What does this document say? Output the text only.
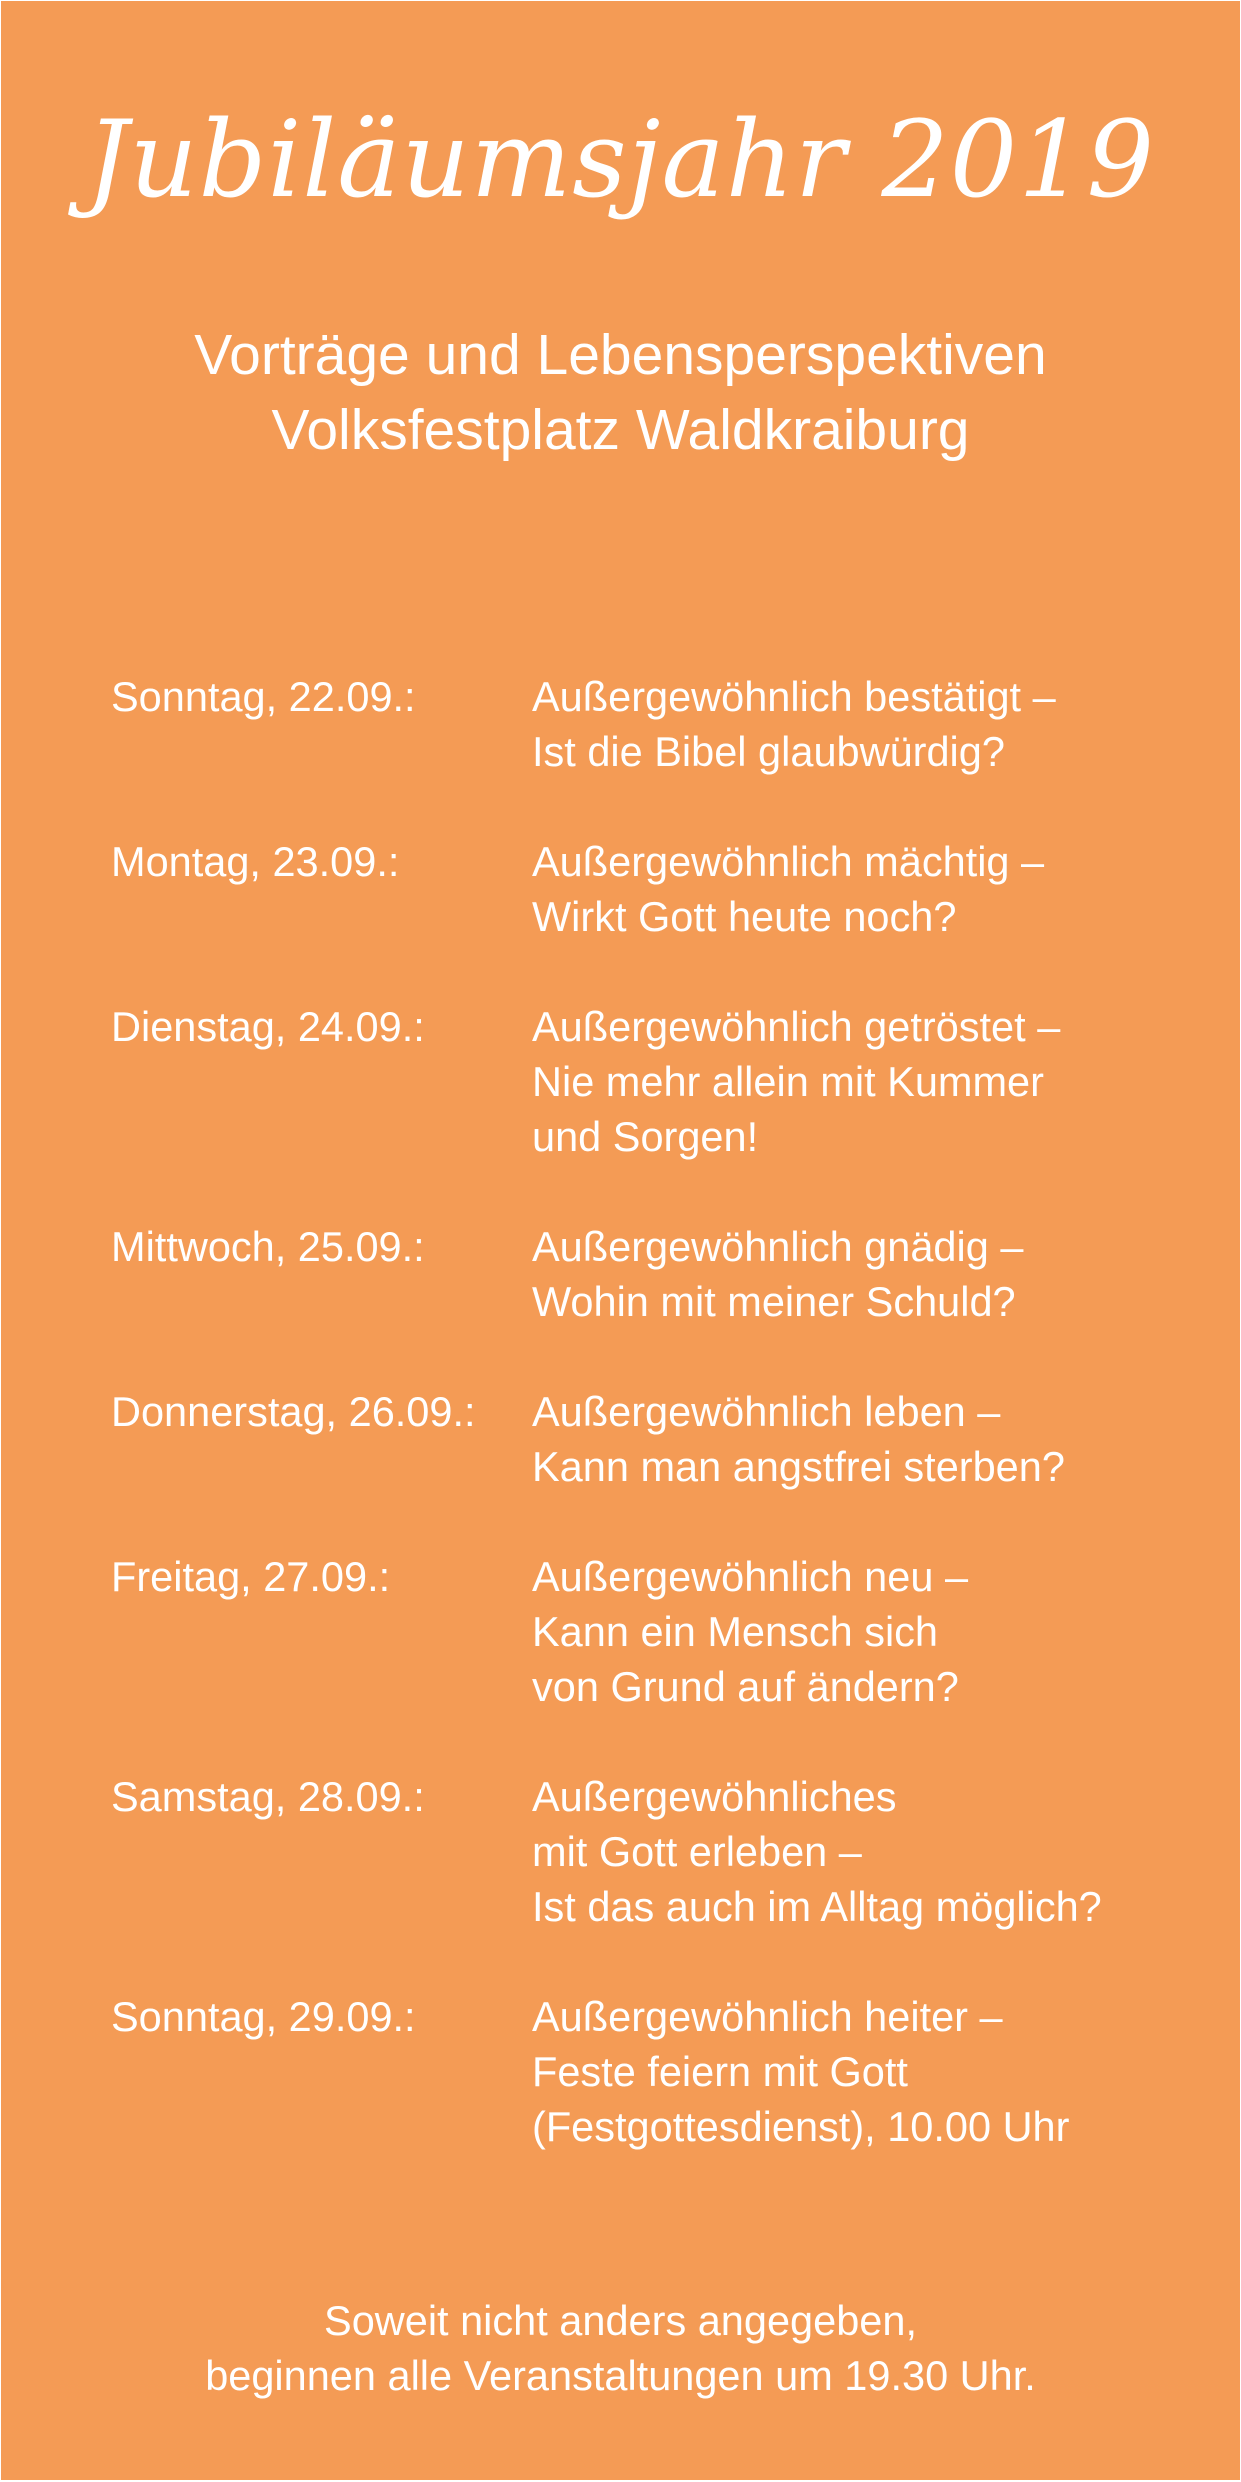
Jubiläumsjahr 2019
Vorträge und Lebensperspektiven
Volksfestplatz Waldkraiburg
Sonntag, 22.09.:	Außergewöhnlich bestätigt –
Ist die Bibel glaubwürdig?
Montag, 23.09.:	Außergewöhnlich mächtig –
Wirkt Gott heute noch?
Dienstag, 24.09.:	Außergewöhnlich getröstet –
Nie mehr allein mit Kummer
und Sorgen!
Mittwoch, 25.09.:	Außergewöhnlich gnädig –
Wohin mit meiner Schuld?
Donnerstag, 26.09.:	Außergewöhnlich leben –
Kann man angstfrei sterben?
Freitag, 27.09.:	Außergewöhnlich neu –
Kann ein Mensch sich
von Grund auf ändern?
Samstag, 28.09.:	Außergewöhnliches
mit Gott erleben –
Ist das auch im Alltag möglich?
Sonntag, 29.09.:	Außergewöhnlich heiter –
Feste feiern mit Gott
(Festgottesdienst), 10.00 Uhr
Soweit nicht anders angegeben,
beginnen alle Veranstaltungen um 19.30 Uhr.
